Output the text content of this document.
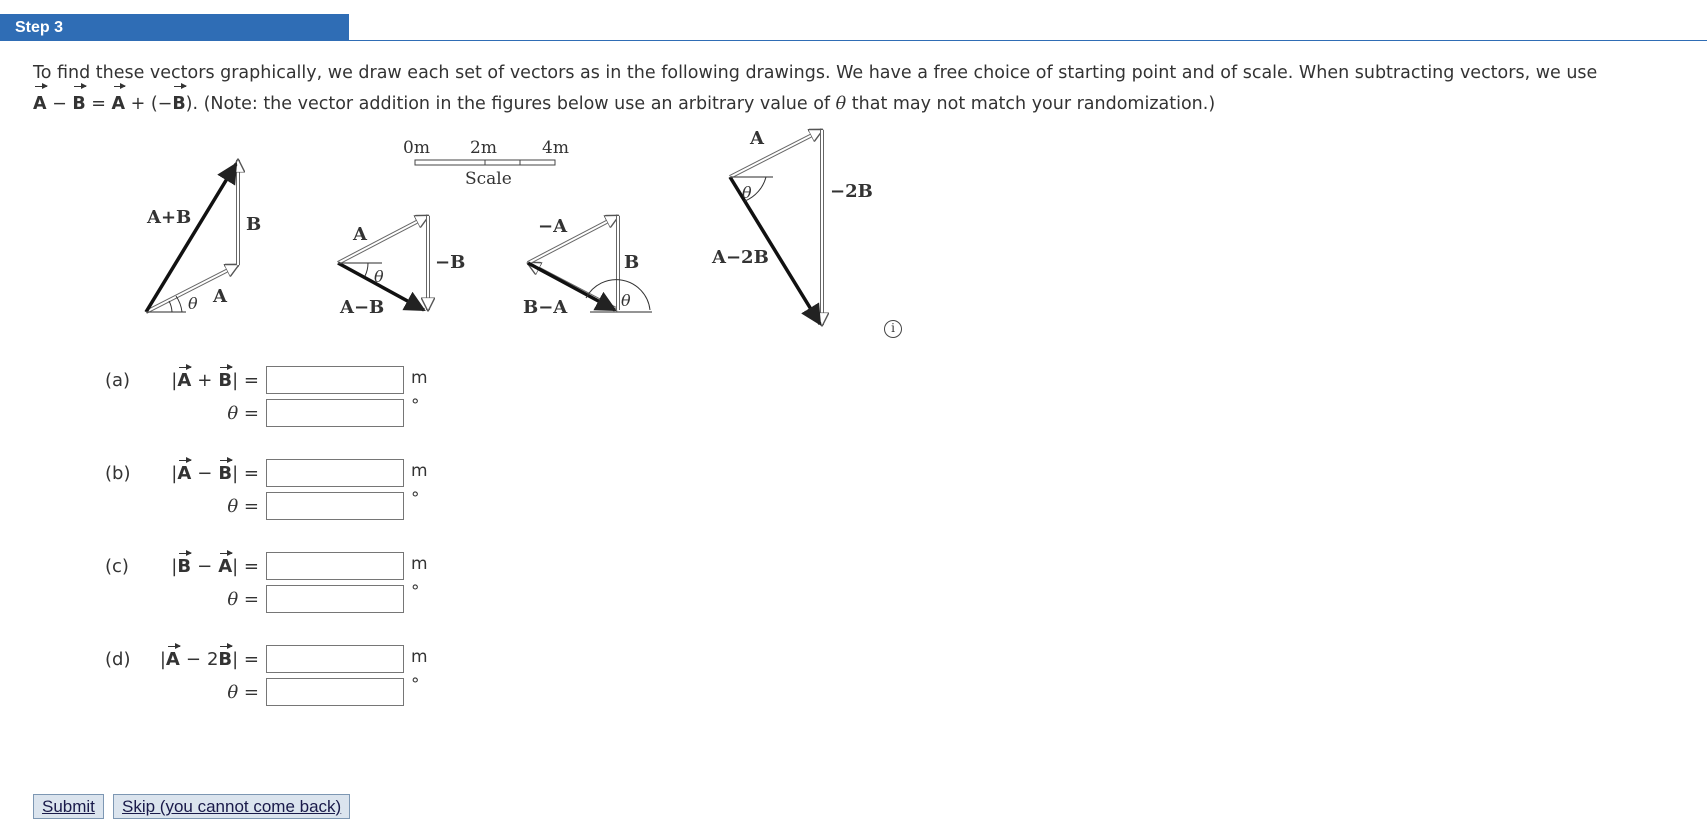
Step 3
To find these vectors graphically, we draw each set of vectors as in the following drawings. We have a free choice of starting point and of scale. When subtracting vectors, we use
A − B = A + (−B). (Note: the vector addition in the figures below use an arbitrary value of θ that may not match your randomization.)
0m 2m	4m
Scale
A+B	B
A
θ
A
−B
A−B
θ
−A
B
B−A	θ
A
−2B
A−2B
θ
i
(a) |A + B| =	m
θ =	°
(b) |A − B| =	m
θ =	°
(c) |B − A| =	m
θ =	°
(d) |A − 2B| =	m
θ =	°
Submit	Skip (you cannot come back)
